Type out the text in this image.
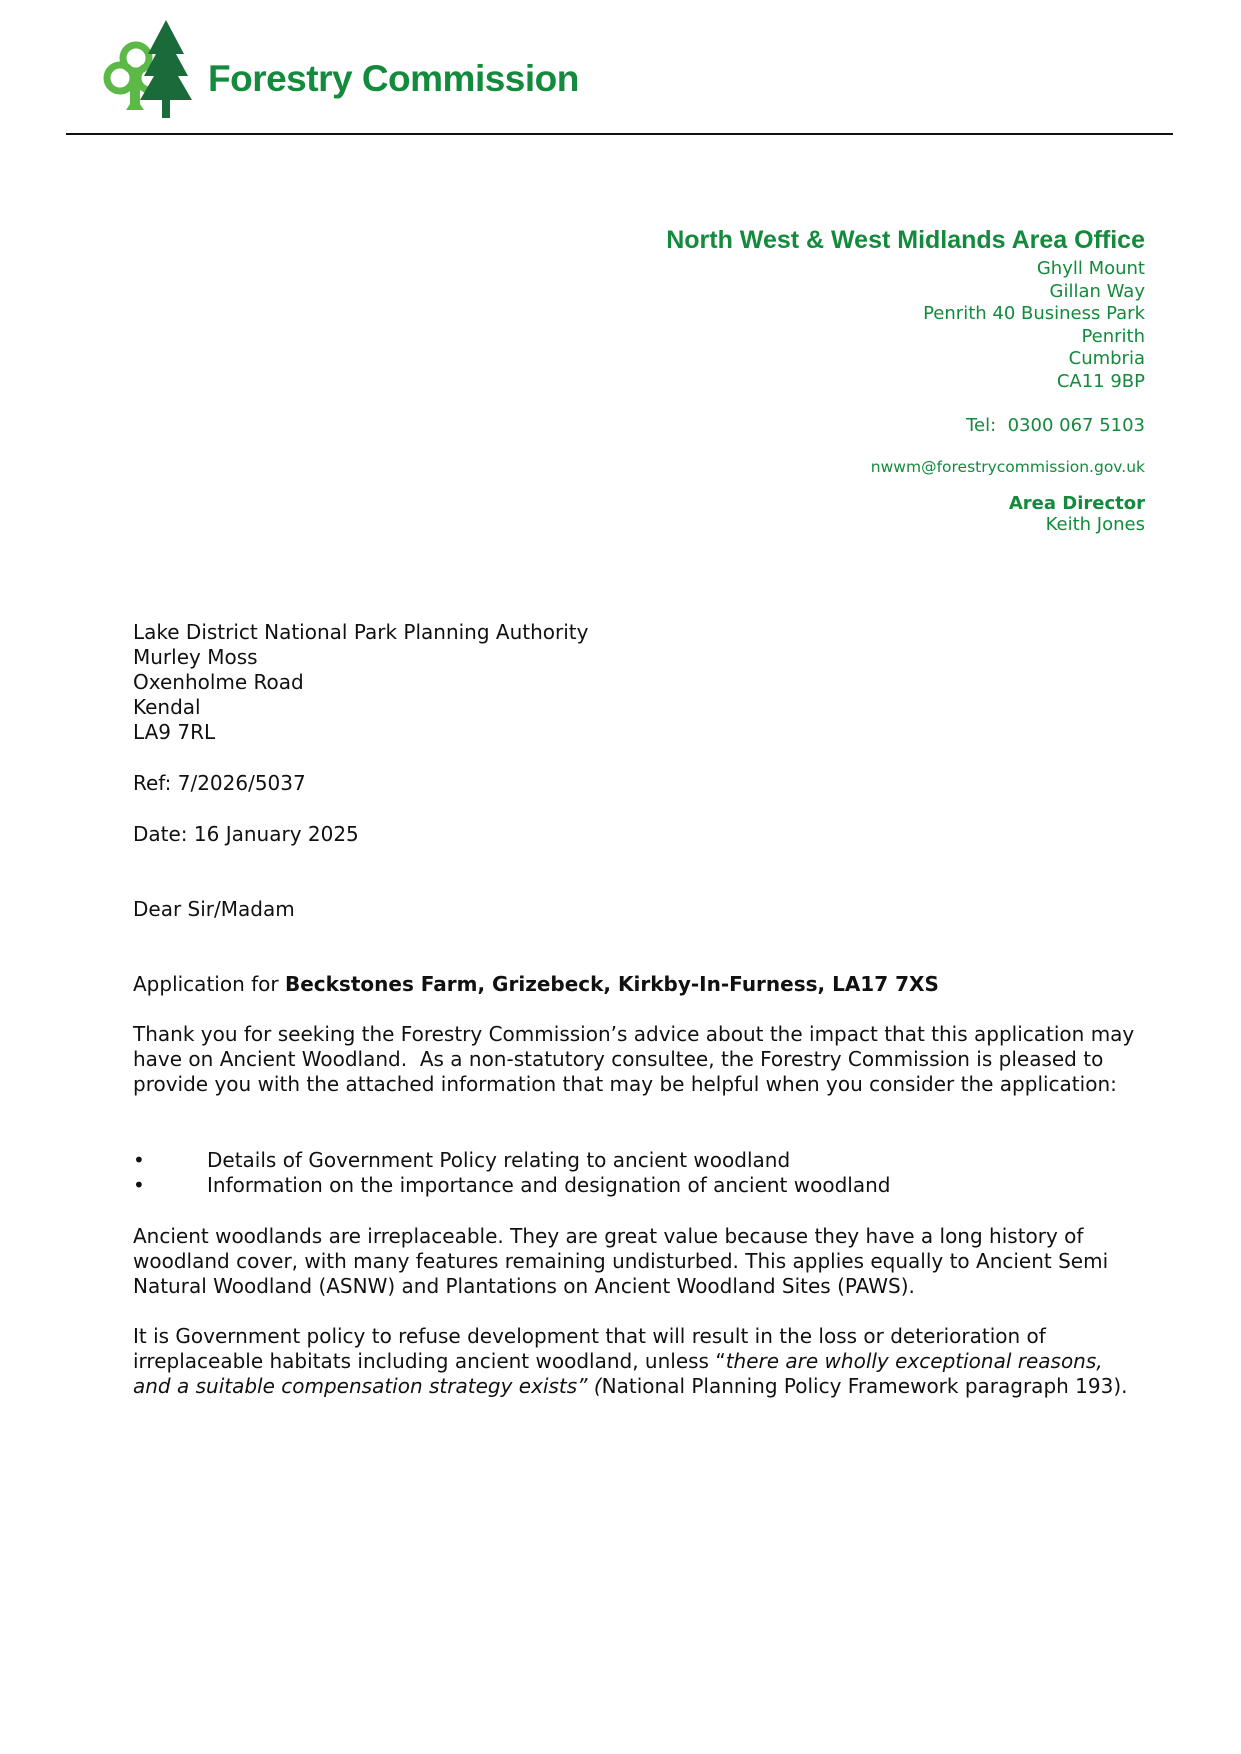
Forestry Commission
North West & West Midlands Area Office
Ghyll Mount
Gillan Way
Penrith 40 Business Park
Penrith
Cumbria
CA11 9BP
Tel:  0300 067 5103
nwwm@forestrycommission.gov.uk
Area Director
Keith Jones
Lake District National Park Planning Authority
Murley Moss
Oxenholme Road
Kendal
LA9 7RL
Ref: 7/2026/5037
Date: 16 January 2025
Dear Sir/Madam
Application for Beckstones Farm, Grizebeck, Kirkby-In-Furness, LA17 7XS
Thank you for seeking the Forestry Commission’s advice about the impact that this application may have on Ancient Woodland.  As a non-statutory consultee, the Forestry Commission is pleased to provide you with the attached information that may be helpful when you consider the application:
•	Details of Government Policy relating to ancient woodland
•	Information on the importance and designation of ancient woodland
Ancient woodlands are irreplaceable. They are great value because they have a long history of woodland cover, with many features remaining undisturbed. This applies equally to Ancient Semi Natural Woodland (ASNW) and Plantations on Ancient Woodland Sites (PAWS).
It is Government policy to refuse development that will result in the loss or deterioration of irreplaceable habitats including ancient woodland, unless “there are wholly exceptional reasons, and a suitable compensation strategy exists” (National Planning Policy Framework paragraph 193).
